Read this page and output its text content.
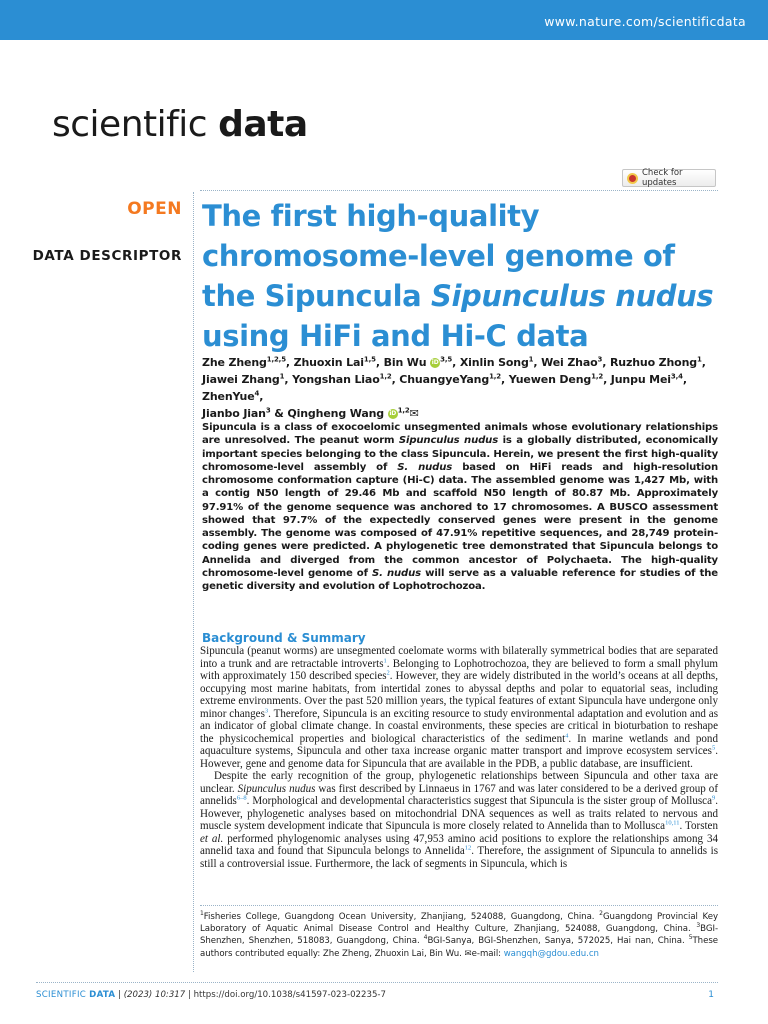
www.nature.com/scientificdata
scientific data
Check for updates
OPEN
DATA DESCRIPTOR
The first high-quality chromosome-level genome of the Sipuncula Sipunculus nudus using HiFi and Hi-C data
Zhe Zheng$^{1,2,5}$, Zhuoxin Lai$^{1,5}$, Bin Wu iD $^{3,5}$, Xinlin Song$^1$, Wei Zhao$^3$, Ruzhuo Zhong$^1$,
Jiawei Zhang$^1$, Yongshan Liao$^{1,2}$, ChuangyeYang$^{1,2}$, Yuewen Deng$^{1,2}$, Junpu Mei$^{3,4}$, ZhenYue$^4$,
Jianbo Jian$^3$ & Qingheng Wang iD $^{1,2}$✉

Sipuncula is a class of exocoelomic unsegmented animals whose evolutionary relationships are unresolved. The peanut worm Sipunculus nudus is a globally distributed, economically important species belonging to the class Sipuncula. Herein, we present the first high-quality chromosome-level assembly of S. nudus based on HiFi reads and high-resolution chromosome conformation capture (Hi-C) data. The assembled genome was 1,427 Mb, with a contig N50 length of 29.46 Mb and scaffold N50 length of 80.87 Mb. Approximately 97.91% of the genome sequence was anchored to 17 chromosomes. A BUSCO assessment showed that 97.7% of the expectedly conserved genes were present in the genome assembly. The genome was composed of 47.91% repetitive sequences, and 28,749 protein-coding genes were predicted. A phylogenetic tree demonstrated that Sipuncula belongs to Annelida and diverged from the common ancestor of Polychaeta. The high-quality chromosome-level genome of S. nudus will serve as a valuable reference for studies of the genetic diversity and evolution of Lophotrochozoa.

Background & Summary

Sipuncula (peanut worms) are unsegmented coelomate worms with bilaterally symmetrical bodies that are separated into a trunk and are retractable introverts$^1$. Belonging to Lophotrochozoa, they are believed to form a small phylum with approximately 150 described species$^2$. However, they are widely distributed in the world’s oceans at all depths, occupying most marine habitats, from intertidal zones to abyssal depths and polar to equatorial seas, including extreme environments. Over the past 520 million years, the typical features of extant Sipuncula have undergone only minor changes$^3$. Therefore, Sipuncula is an exciting resource to study environmental adaptation and evolution and as an indicator of global climate change. In coastal environments, these species are critical in bioturbation to reshape the physicochemical properties and biological characteristics of the sediment$^4$. In marine wetlands and pond aquaculture systems, Sipuncula and other taxa increase organic matter transport and improve ecosystem services$^5$. However, gene and genome data for Sipuncula that are available in the PDB, a public database, are insufficient.

Despite the early recognition of the group, phylogenetic relationships between Sipuncula and other taxa are unclear. Sipunculus nudus was first described by Linnaeus in 1767 and was later considered to be a derived group of annelids$^{6-8}$. Morphological and developmental characteristics suggest that Sipuncula is the sister group of Mollusca$^9$. However, phylogenetic analyses based on mitochondrial DNA sequences as well as traits related to nervous and muscle system development indicate that Sipuncula is more closely related to Annelida than to Mollusca$^{10,11}$. Torsten et al. performed phylogenomic analyses using 47,953 amino acid positions to explore the relationships among 34 annelid taxa and found that Sipuncula belongs to Annelida$^{12}$. Therefore, the assignment of Sipuncula to annelids is still a controversial issue. Furthermore, the lack of segments in Sipuncula, which is

$^1$Fisheries College, Guangdong Ocean University, Zhanjiang, 524088, Guangdong, China. $^2$Guangdong Provincial Key Laboratory of Aquatic Animal Disease Control and Healthy Culture, Zhanjiang, 524088, Guangdong, China. $^3$BGI-Shenzhen, Shenzhen, 518083, Guangdong, China. $^4$BGI-Sanya, BGI-Shenzhen, Sanya, 572025, Hai nan, China. $^5$These authors contributed equally: Zhe Zheng, Zhuoxin Lai, Bin Wu. ✉e-mail: wangqh@gdou.edu.cn
SCIENTIFIC DATA | (2023) 10:317 | https://doi.org/10.1038/s41597-023-02235-7	1
